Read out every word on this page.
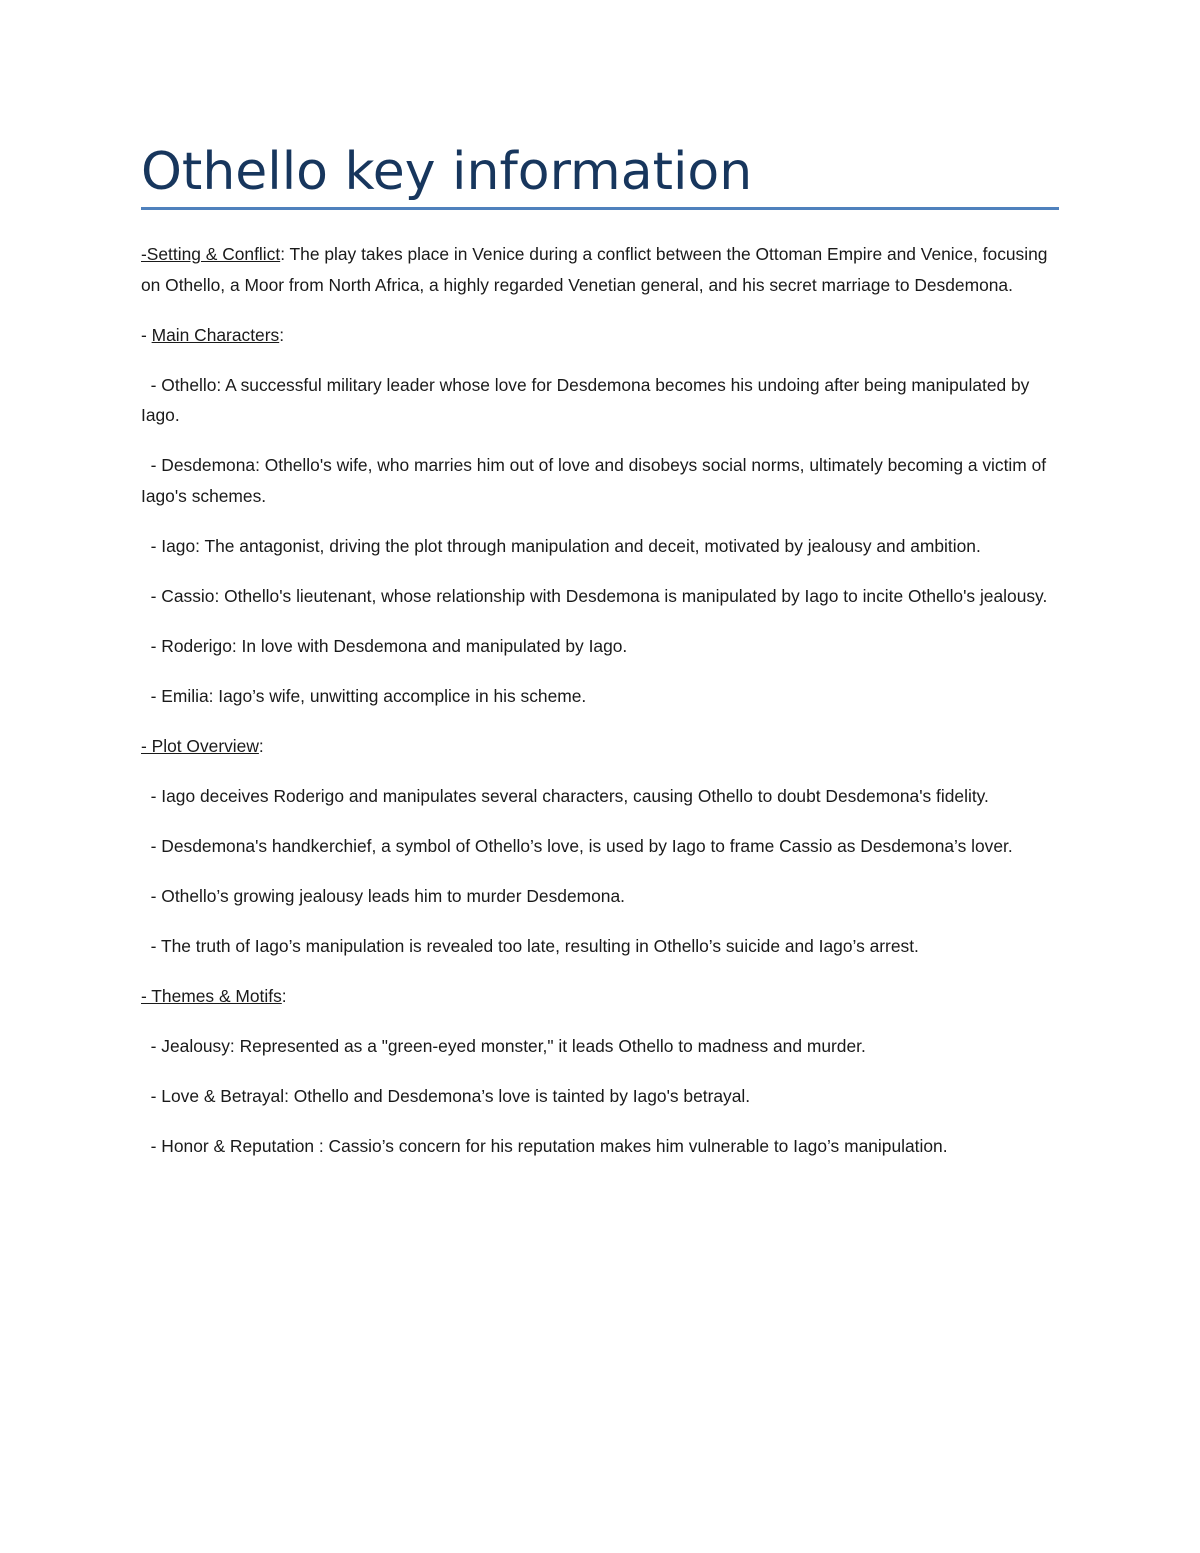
Othello key information

-Setting & Conflict: The play takes place in Venice during a conflict between the Ottoman Empire and Venice, focusing on Othello, a Moor from North Africa, a highly regarded Venetian general, and his secret marriage to Desdemona.

- Main Characters:

- Othello: A successful military leader whose love for Desdemona becomes his undoing after being manipulated by Iago.

- Desdemona: Othello's wife, who marries him out of love and disobeys social norms, ultimately becoming a victim of Iago's schemes.

- Iago: The antagonist, driving the plot through manipulation and deceit, motivated by jealousy and ambition.

- Cassio: Othello's lieutenant, whose relationship with Desdemona is manipulated by Iago to incite Othello's jealousy.

- Roderigo: In love with Desdemona and manipulated by Iago.

- Emilia: Iago’s wife, unwitting accomplice in his scheme.

- Plot Overview:

- Iago deceives Roderigo and manipulates several characters, causing Othello to doubt Desdemona's fidelity.

- Desdemona's handkerchief, a symbol of Othello’s love, is used by Iago to frame Cassio as Desdemona’s lover.

- Othello’s growing jealousy leads him to murder Desdemona.

- The truth of Iago’s manipulation is revealed too late, resulting in Othello’s suicide and Iago’s arrest.

- Themes & Motifs:

- Jealousy: Represented as a "green-eyed monster," it leads Othello to madness and murder.

- Love & Betrayal: Othello and Desdemona’s love is tainted by Iago's betrayal.

- Honor & Reputation : Cassio’s concern for his reputation makes him vulnerable to Iago’s manipulation.
